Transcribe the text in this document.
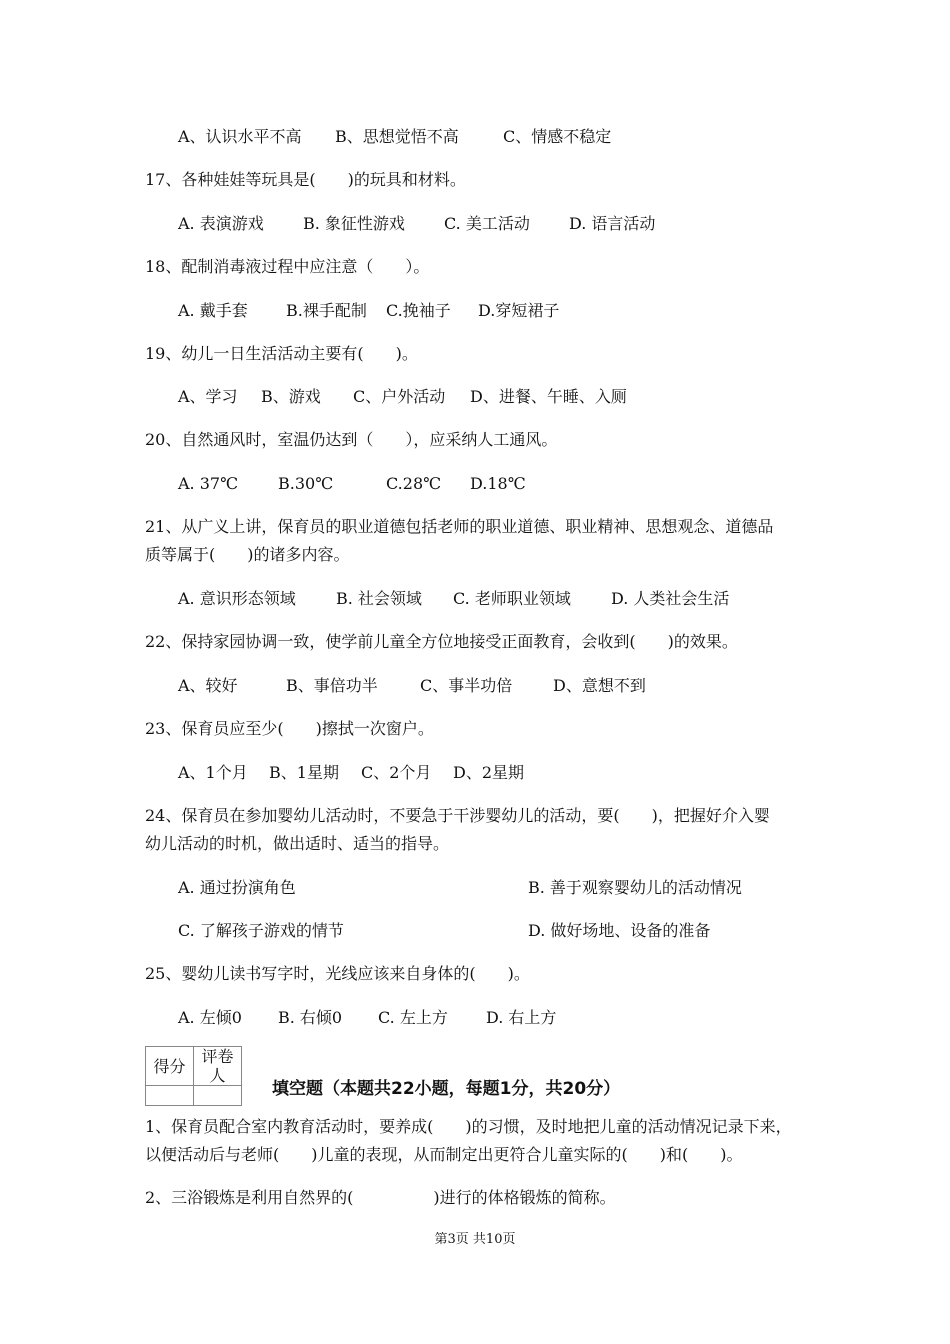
A、认识水平不高 B、思想觉悟不高	C、情感不稳定
17、各种娃娃等玩具是(　　)的玩具和材料。
A. 表演游戏 B. 象征性游戏 C. 美工活动 D. 语言活动
18、配制消毒液过程中应注意（　　）。
A. 戴手套 B.裸手配制 C.挽袖子 D.穿短裙子
19、幼儿一日生活活动主要有(　　)。
A、学习 B、游戏 C、户外活动 D、进餐、午睡、入厕
20、自然通风时，室温仍达到（　　），应采纳人工通风。
A. 37℃	B.30℃	C.28℃ D.18℃
21、从广义上讲，保育员的职业道德包括老师的职业道德、职业精神、思想观念、道德品
质等属于(　　)的诸多内容。
A. 意识形态领域	B. 社会领域 C. 老师职业领域	D. 人类社会生活
22、保持家园协调一致，使学前儿童全方位地接受正面教育，会收到(　　)的效果。
A、较好	B、事倍功半	C、事半功倍	D、意想不到
23、保育员应至少(　　)擦拭一次窗户。
A、1个月 B、1星期 C、2个月 D、2星期
24、保育员在参加婴幼儿活动时，不要急于干涉婴幼儿的活动，要(　　)，把握好介入婴
幼儿活动的时机，做出适时、适当的指导。
A. 通过扮演角色	B. 善于观察婴幼儿的活动情况
C. 了解孩子游戏的情节	D. 做好场地、设备的准备
25、婴幼儿读书写字时，光线应该来自身体的(　　)。
A. 左倾0 B. 右倾0 C. 左上方 D. 右上方
得分	评卷人

填空题（本题共22小题，每题1分，共20分）
1、保育员配合室内教育活动时，要养成(　　)的习惯，及时地把儿童的活动情况记录下来，
以便活动后与老师(　　)儿童的表现，从而制定出更符合儿童实际的(　　)和(　　)。
2、三浴锻炼是利用自然界的(　　　　　)进行的体格锻炼的简称。
第3页 共10页
